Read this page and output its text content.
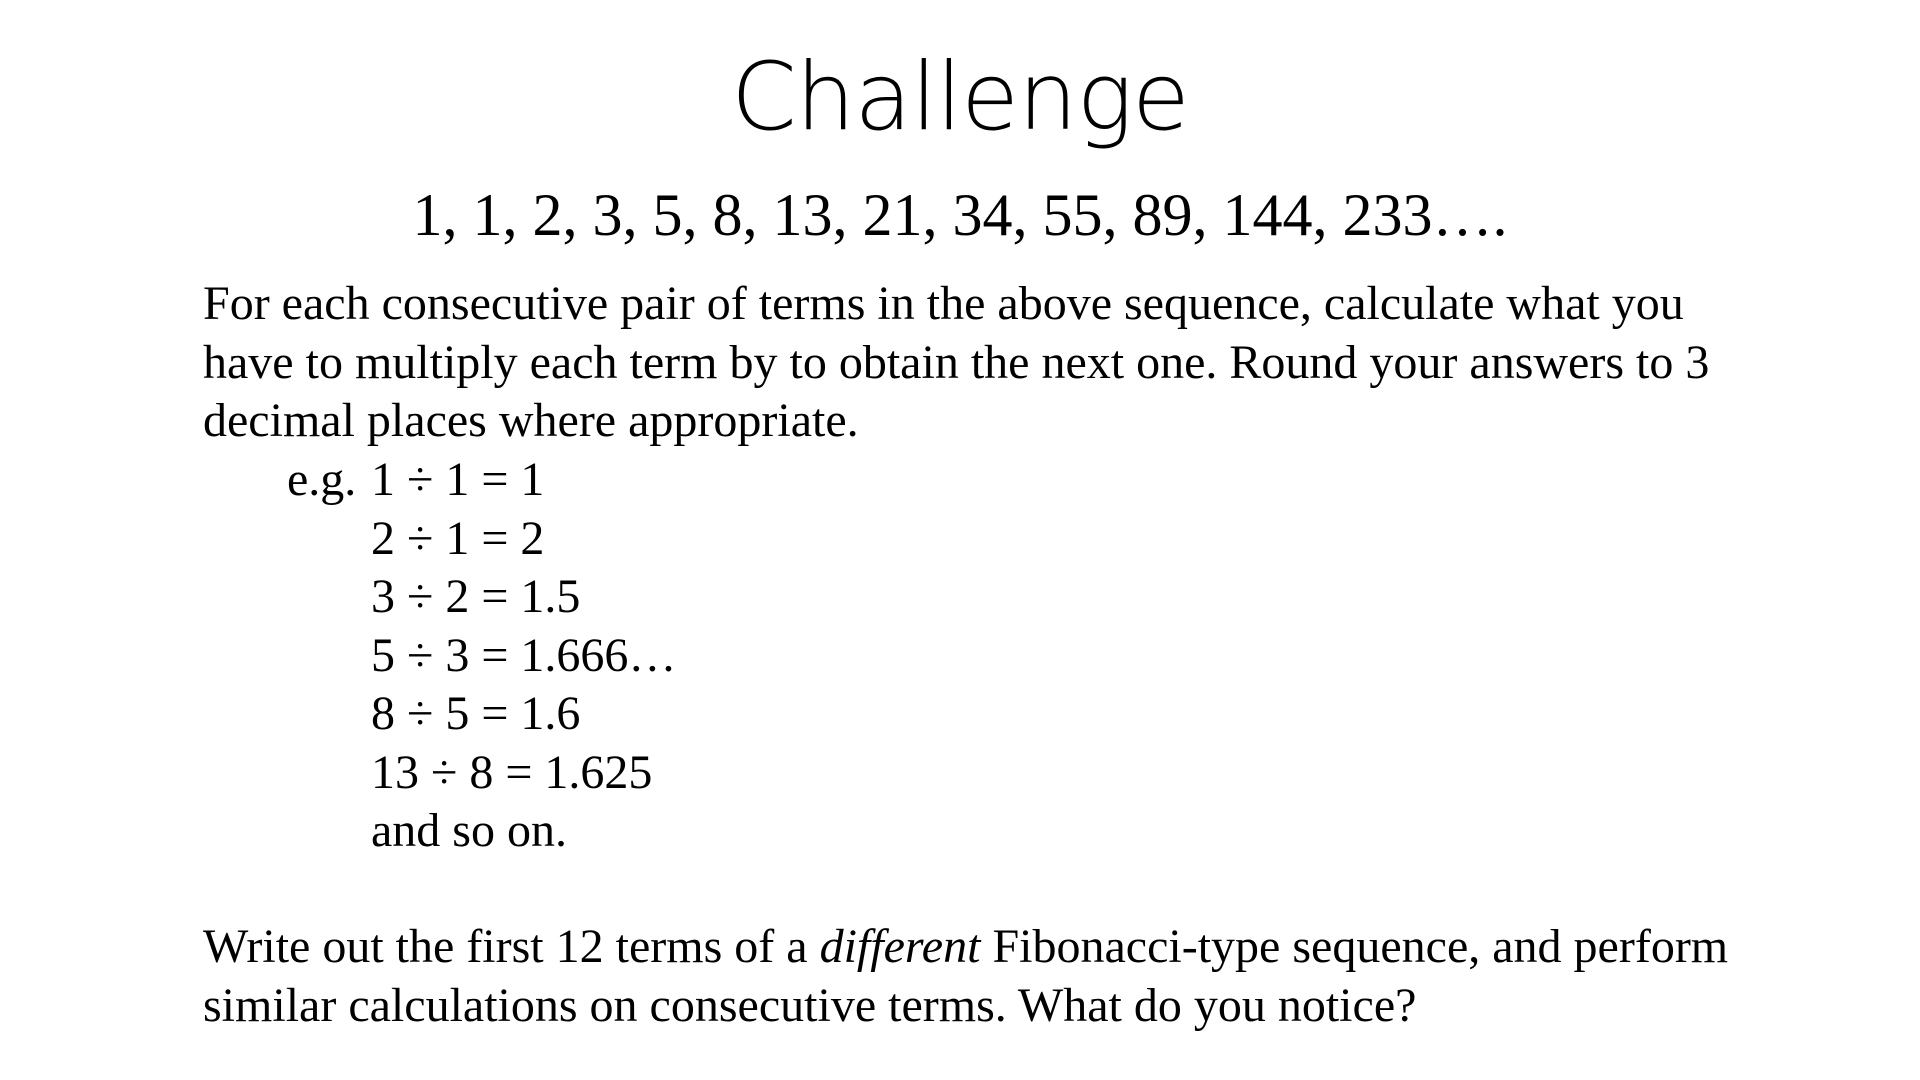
Challenge
1, 1, 2, 3, 5, 8, 13, 21, 34, 55, 89, 144, 233….
For each consecutive pair of terms in the above sequence, calculate what you have to multiply each term by to obtain the next one. Round your answers to 3 decimal places where appropriate.
e.g. 1 ÷ 1 = 1
2 ÷ 1 = 2
3 ÷ 2 = 1.5
5 ÷ 3 = 1.666…
8 ÷ 5 = 1.6
13 ÷ 8 = 1.625
and so on.
Write out the first 12 terms of a different Fibonacci-type sequence, and perform similar calculations on consecutive terms. What do you notice?
